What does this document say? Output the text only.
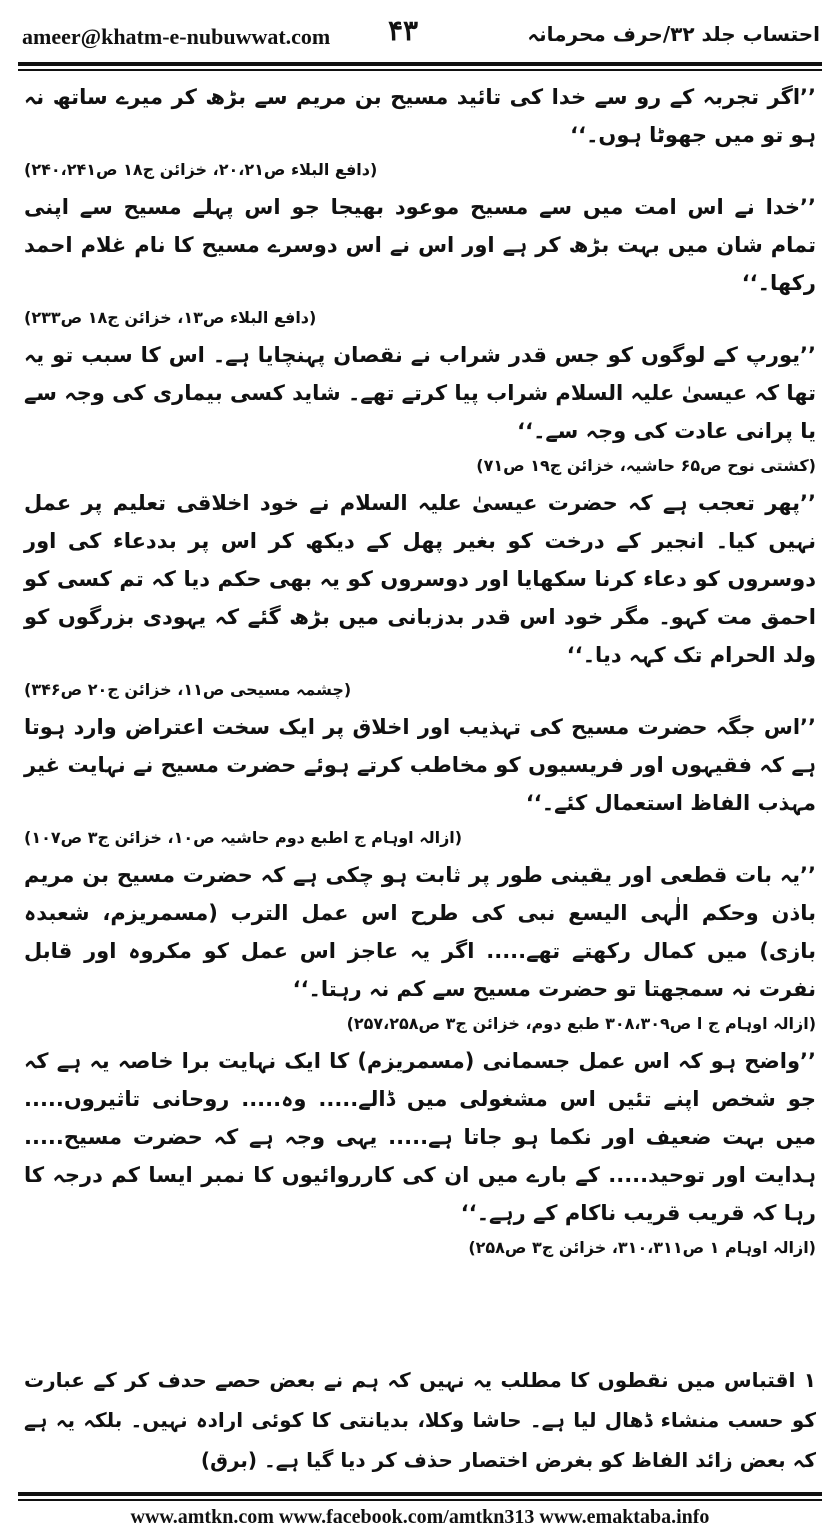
ameer@khatm-e-nubuwwat.com ۴۳	احتساب جلد ۳۲/حرف محرمانہ

’’اگر تجربہ کے رو سے خدا کی تائید مسیح بن مریم سے بڑھ کر میرے ساتھ نہ ہو تو میں جھوٹا ہوں۔‘‘

(دافع البلاء ص۲۰،۲۱، خزائن ج۱۸ ص۲۴۰،۲۴۱)

’’خدا نے اس امت میں سے مسیح موعود بھیجا جو اس پہلے مسیح سے اپنی تمام شان میں بہت بڑھ کر ہے اور اس نے اس دوسرے مسیح کا نام غلام احمد رکھا۔‘‘

(دافع البلاء ص۱۳، خزائن ج۱۸ ص۲۳۳)

’’یورپ کے لوگوں کو جس قدر شراب نے نقصان پہنچایا ہے۔ اس کا سبب تو یہ تھا کہ عیسیٰ علیہ السلام شراب پیا کرتے تھے۔ شاید کسی بیماری کی وجہ سے یا پرانی عادت کی وجہ سے۔‘‘

(کشتی نوح ص۶۵ حاشیہ، خزائن ج۱۹ ص۷۱)

’’پھر تعجب ہے کہ حضرت عیسیٰ علیہ السلام نے خود اخلاقی تعلیم پر عمل نہیں کیا۔ انجیر کے درخت کو بغیر پھل کے دیکھ کر اس پر بددعاء کی اور دوسروں کو دعاء کرنا سکھایا اور دوسروں کو یہ بھی حکم دیا کہ تم کسی کو احمق مت کہو۔ مگر خود اس قدر بدزبانی میں بڑھ گئے کہ یہودی بزرگوں کو ولد الحرام تک کہہ دیا۔‘‘

(چشمہ مسیحی ص۱۱، خزائن ج۲۰ ص۳۴۶)

’’اس جگہ حضرت مسیح کی تہذیب اور اخلاق پر ایک سخت اعتراض وارد ہوتا ہے کہ فقیہوں اور فریسیوں کو مخاطب کرتے ہوئے حضرت مسیح نے نہایت غیر مہذب الفاظ استعمال کئے۔‘‘

(ازالہ اوہام ج اطبع دوم حاشیہ ص۱۰، خزائن ج۳ ص۱۰۷)

’’یہ بات قطعی اور یقینی طور پر ثابت ہو چکی ہے کہ حضرت مسیح بن مریم باذن وحکم الٰہی الیسع نبی کی طرح اس عمل الترب (مسمریزم، شعبدہ بازی) میں کمال رکھتے تھے..... اگر یہ عاجز اس عمل کو مکروہ اور قابل نفرت نہ سمجھتا تو حضرت مسیح سے کم نہ رہتا۔‘‘

(ازالہ اوہام ج ا ص۳۰۸،۳۰۹ طبع دوم، خزائن ج۳ ص۲۵۷،۲۵۸)

’’واضح ہو کہ اس عمل جسمانی (مسمریزم) کا ایک نہایت برا خاصہ یہ ہے کہ جو شخص اپنے تئیں اس مشغولی میں ڈالے..... وہ..... روحانی تاثیروں..... میں بہت ضعیف اور نکما ہو جاتا ہے..... یہی وجہ ہے کہ حضرت مسیح..... ہدایت اور توحید..... کے بارے میں ان کی کارروائیوں کا نمبر ایسا کم درجہ کا رہا کہ قریب قریب ناکام کے رہے۔‘‘

(ازالہ اوہام ۱ ص۳۱۰،۳۱۱، خزائن ج۳ ص۲۵۸)

۱ اقتباس میں نقطوں کا مطلب یہ نہیں کہ ہم نے بعض حصے حدف کر کے عبارت کو حسب منشاء ڈھال لیا ہے۔ حاشا وکلا، بدیانتی کا کوئی ارادہ نہیں۔ بلکہ یہ ہے کہ بعض زائد الفاظ کو بغرض اختصار حذف کر دیا گیا ہے۔ (برق)

www.amtkn.com www.facebook.com/amtkn313 www.emaktaba.info
